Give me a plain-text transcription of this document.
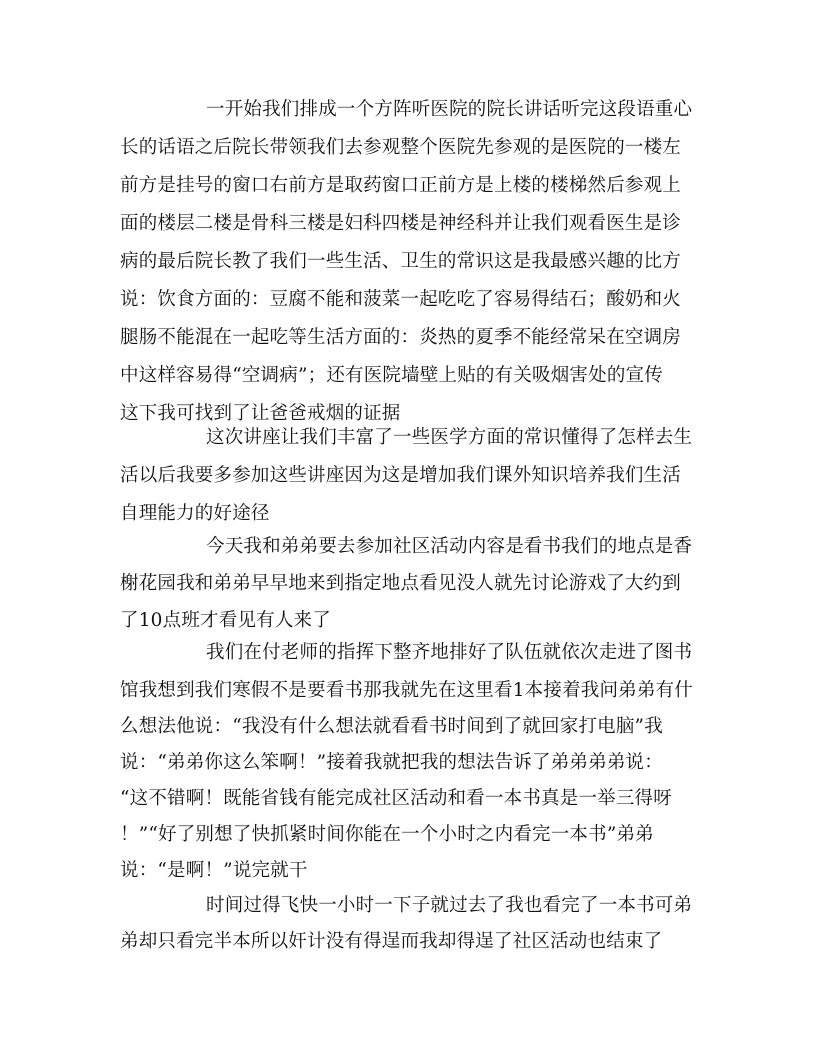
一开始我们排成一个方阵听医院的院长讲话听完这段语重心
长的话语之后院长带领我们去参观整个医院先参观的是医院的一楼左
前方是挂号的窗口右前方是取药窗口正前方是上楼的楼梯然后参观上
面的楼层二楼是骨科三楼是妇科四楼是神经科并让我们观看医生是诊
病的最后院长教了我们一些生活、卫生的常识这是我最感兴趣的比方
说：饮食方面的：豆腐不能和菠菜一起吃吃了容易得结石；酸奶和火
腿肠不能混在一起吃等生活方面的：炎热的夏季不能经常呆在空调房
中这样容易得“空调病”；还有医院墙壁上贴的有关吸烟害处的宣传
这下我可找到了让爸爸戒烟的证据
这次讲座让我们丰富了一些医学方面的常识懂得了怎样去生
活以后我要多参加这些讲座因为这是增加我们课外知识培养我们生活
自理能力的好途径
今天我和弟弟要去参加社区活动内容是看书我们的地点是香
榭花园我和弟弟早早地来到指定地点看见没人就先讨论游戏了大约到
了10点班才看见有人来了
我们在付老师的指挥下整齐地排好了队伍就依次走进了图书
馆我想到我们寒假不是要看书那我就先在这里看1本接着我问弟弟有什
么想法他说：“我没有什么想法就看看书时间到了就回家打电脑”我
说：“弟弟你这么笨啊！”接着我就把我的想法告诉了弟弟弟弟说：
“这不错啊！既能省钱有能完成社区活动和看一本书真是一举三得呀
！”“好了别想了快抓紧时间你能在一个小时之内看完一本书”弟弟
说：“是啊！”说完就干
时间过得飞快一小时一下子就过去了我也看完了一本书可弟
弟却只看完半本所以奸计没有得逞而我却得逞了社区活动也结束了
